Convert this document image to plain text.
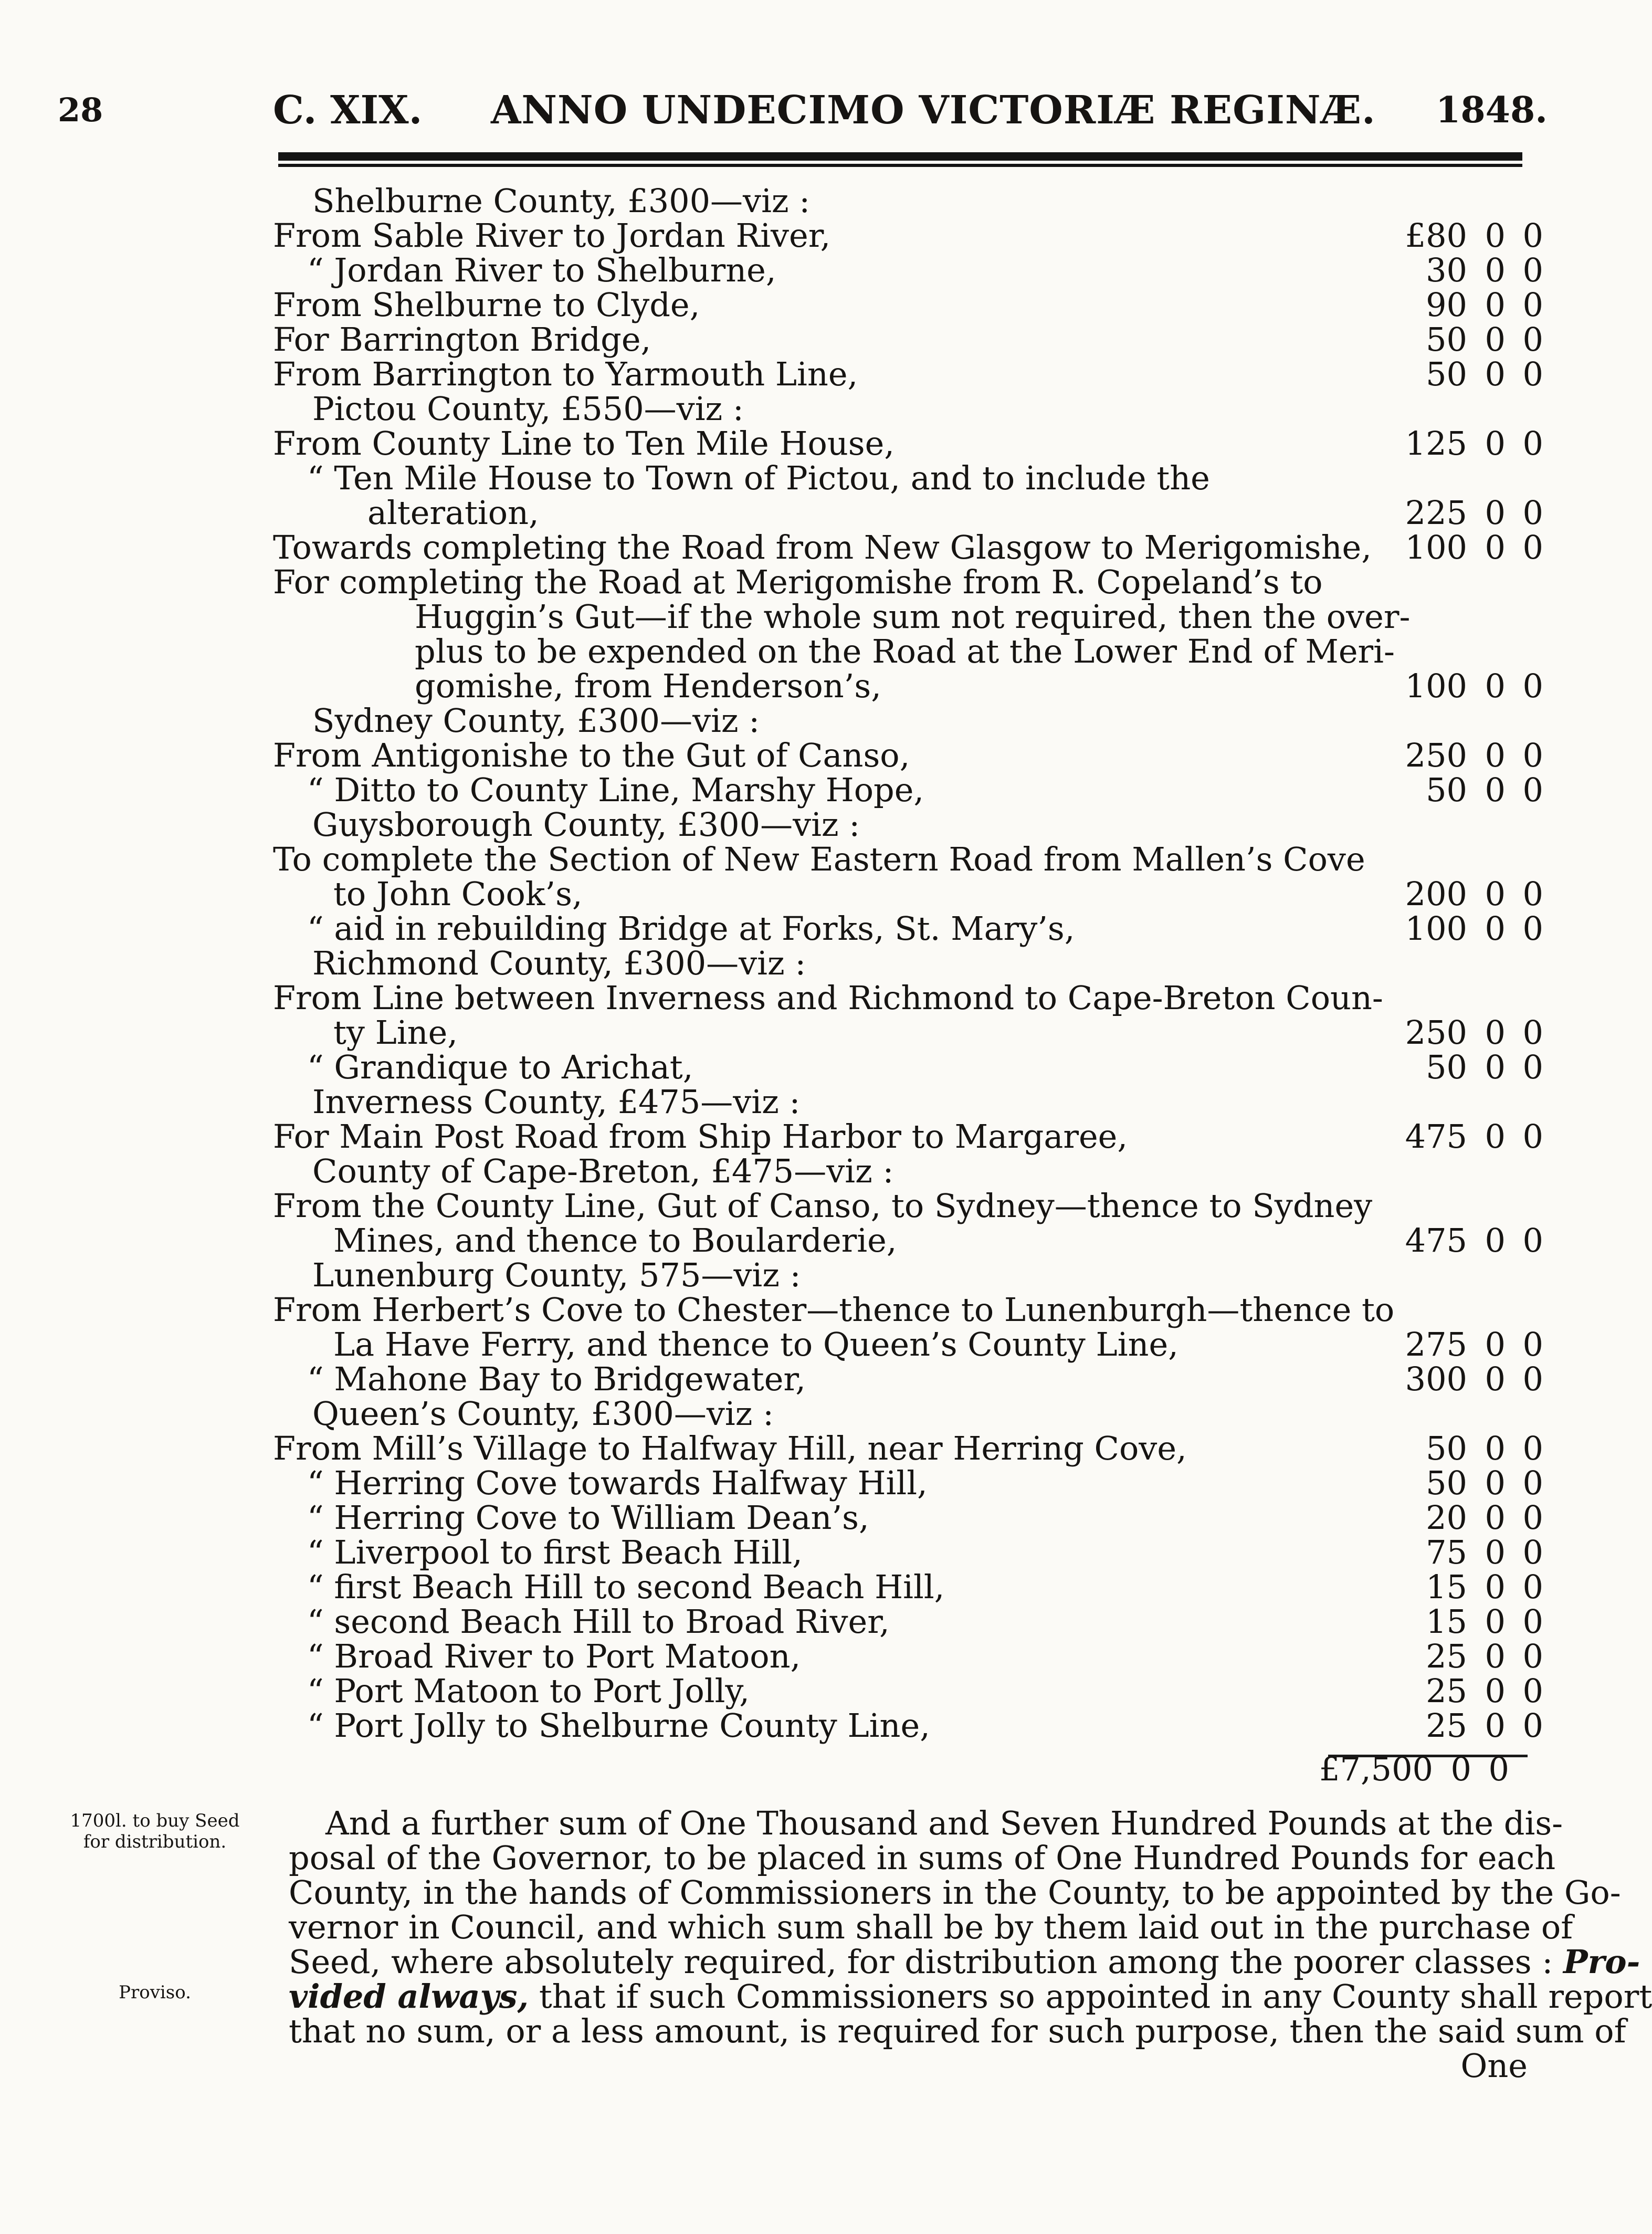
28	C. XIX. ANNO UNDECIMO VICTORIÆ REGINÆ. 1848.
Shelburne County, £300—viz :
From Sable River to Jordan River,	£80 0 0
“ Jordan River to Shelburne,	30 0 0
From Shelburne to Clyde,	90 0 0
For Barrington Bridge,	50 0 0
From Barrington to Yarmouth Line,	50 0 0
Pictou County, £550—viz :
From County Line to Ten Mile House,	125 0 0
“ Ten Mile House to Town of Pictou, and to include the
alteration,	225 0 0
Towards completing the Road from New Glasgow to Merigomishe,	100 0 0
For completing the Road at Merigomishe from R. Copeland’s to
Huggin’s Gut—if the whole sum not required, then the over-
plus to be expended on the Road at the Lower End of Meri-
gomishe, from Henderson’s,	100 0 0
Sydney County, £300—viz :
From Antigonishe to the Gut of Canso,	250 0 0
“ Ditto to County Line, Marshy Hope,	50 0 0
Guysborough County, £300—viz :
To complete the Section of New Eastern Road from Mallen’s Cove
to John Cook’s,	200 0 0
“ aid in rebuilding Bridge at Forks, St. Mary’s,	100 0 0
Richmond County, £300—viz :
From Line between Inverness and Richmond to Cape-Breton Coun-
ty Line,	250 0 0
“ Grandique to Arichat,	50 0 0
Inverness County, £475—viz :
For Main Post Road from Ship Harbor to Margaree,	475 0 0
County of Cape-Breton, £475—viz :
From the County Line, Gut of Canso, to Sydney—thence to Sydney
Mines, and thence to Boularderie,	475 0 0
Lunenburg County, 575—viz :
From Herbert’s Cove to Chester—thence to Lunenburgh—thence to
La Have Ferry, and thence to Queen’s County Line,	275 0 0
“ Mahone Bay to Bridgewater,	300 0 0
Queen’s County, £300—viz :
From Mill’s Village to Halfway Hill, near Herring Cove,	50 0 0
“ Herring Cove towards Halfway Hill,	50 0 0
“ Herring Cove to William Dean’s,	20 0 0
“ Liverpool to first Beach Hill,	75 0 0
“ first Beach Hill to second Beach Hill,	15 0 0
“ second Beach Hill to Broad River,	15 0 0
“ Broad River to Port Matoon,	25 0 0
“ Port Matoon to Port Jolly,	25 0 0
“ Port Jolly to Shelburne County Line,	25 0 0
£7,500 0 0
1700l. to buy Seed
for distribution.
Proviso.
And a further sum of One Thousand and Seven Hundred Pounds at the dis-
posal of the Governor, to be placed in sums of One Hundred Pounds for each
County, in the hands of Commissioners in the County, to be appointed by the Go-
vernor in Council, and which sum shall be by them laid out in the purchase of
Seed, where absolutely required, for distribution among the poorer classes : Pro-
vided always, that if such Commissioners so appointed in any County shall report
that no sum, or a less amount, is required for such purpose, then the said sum of
One
